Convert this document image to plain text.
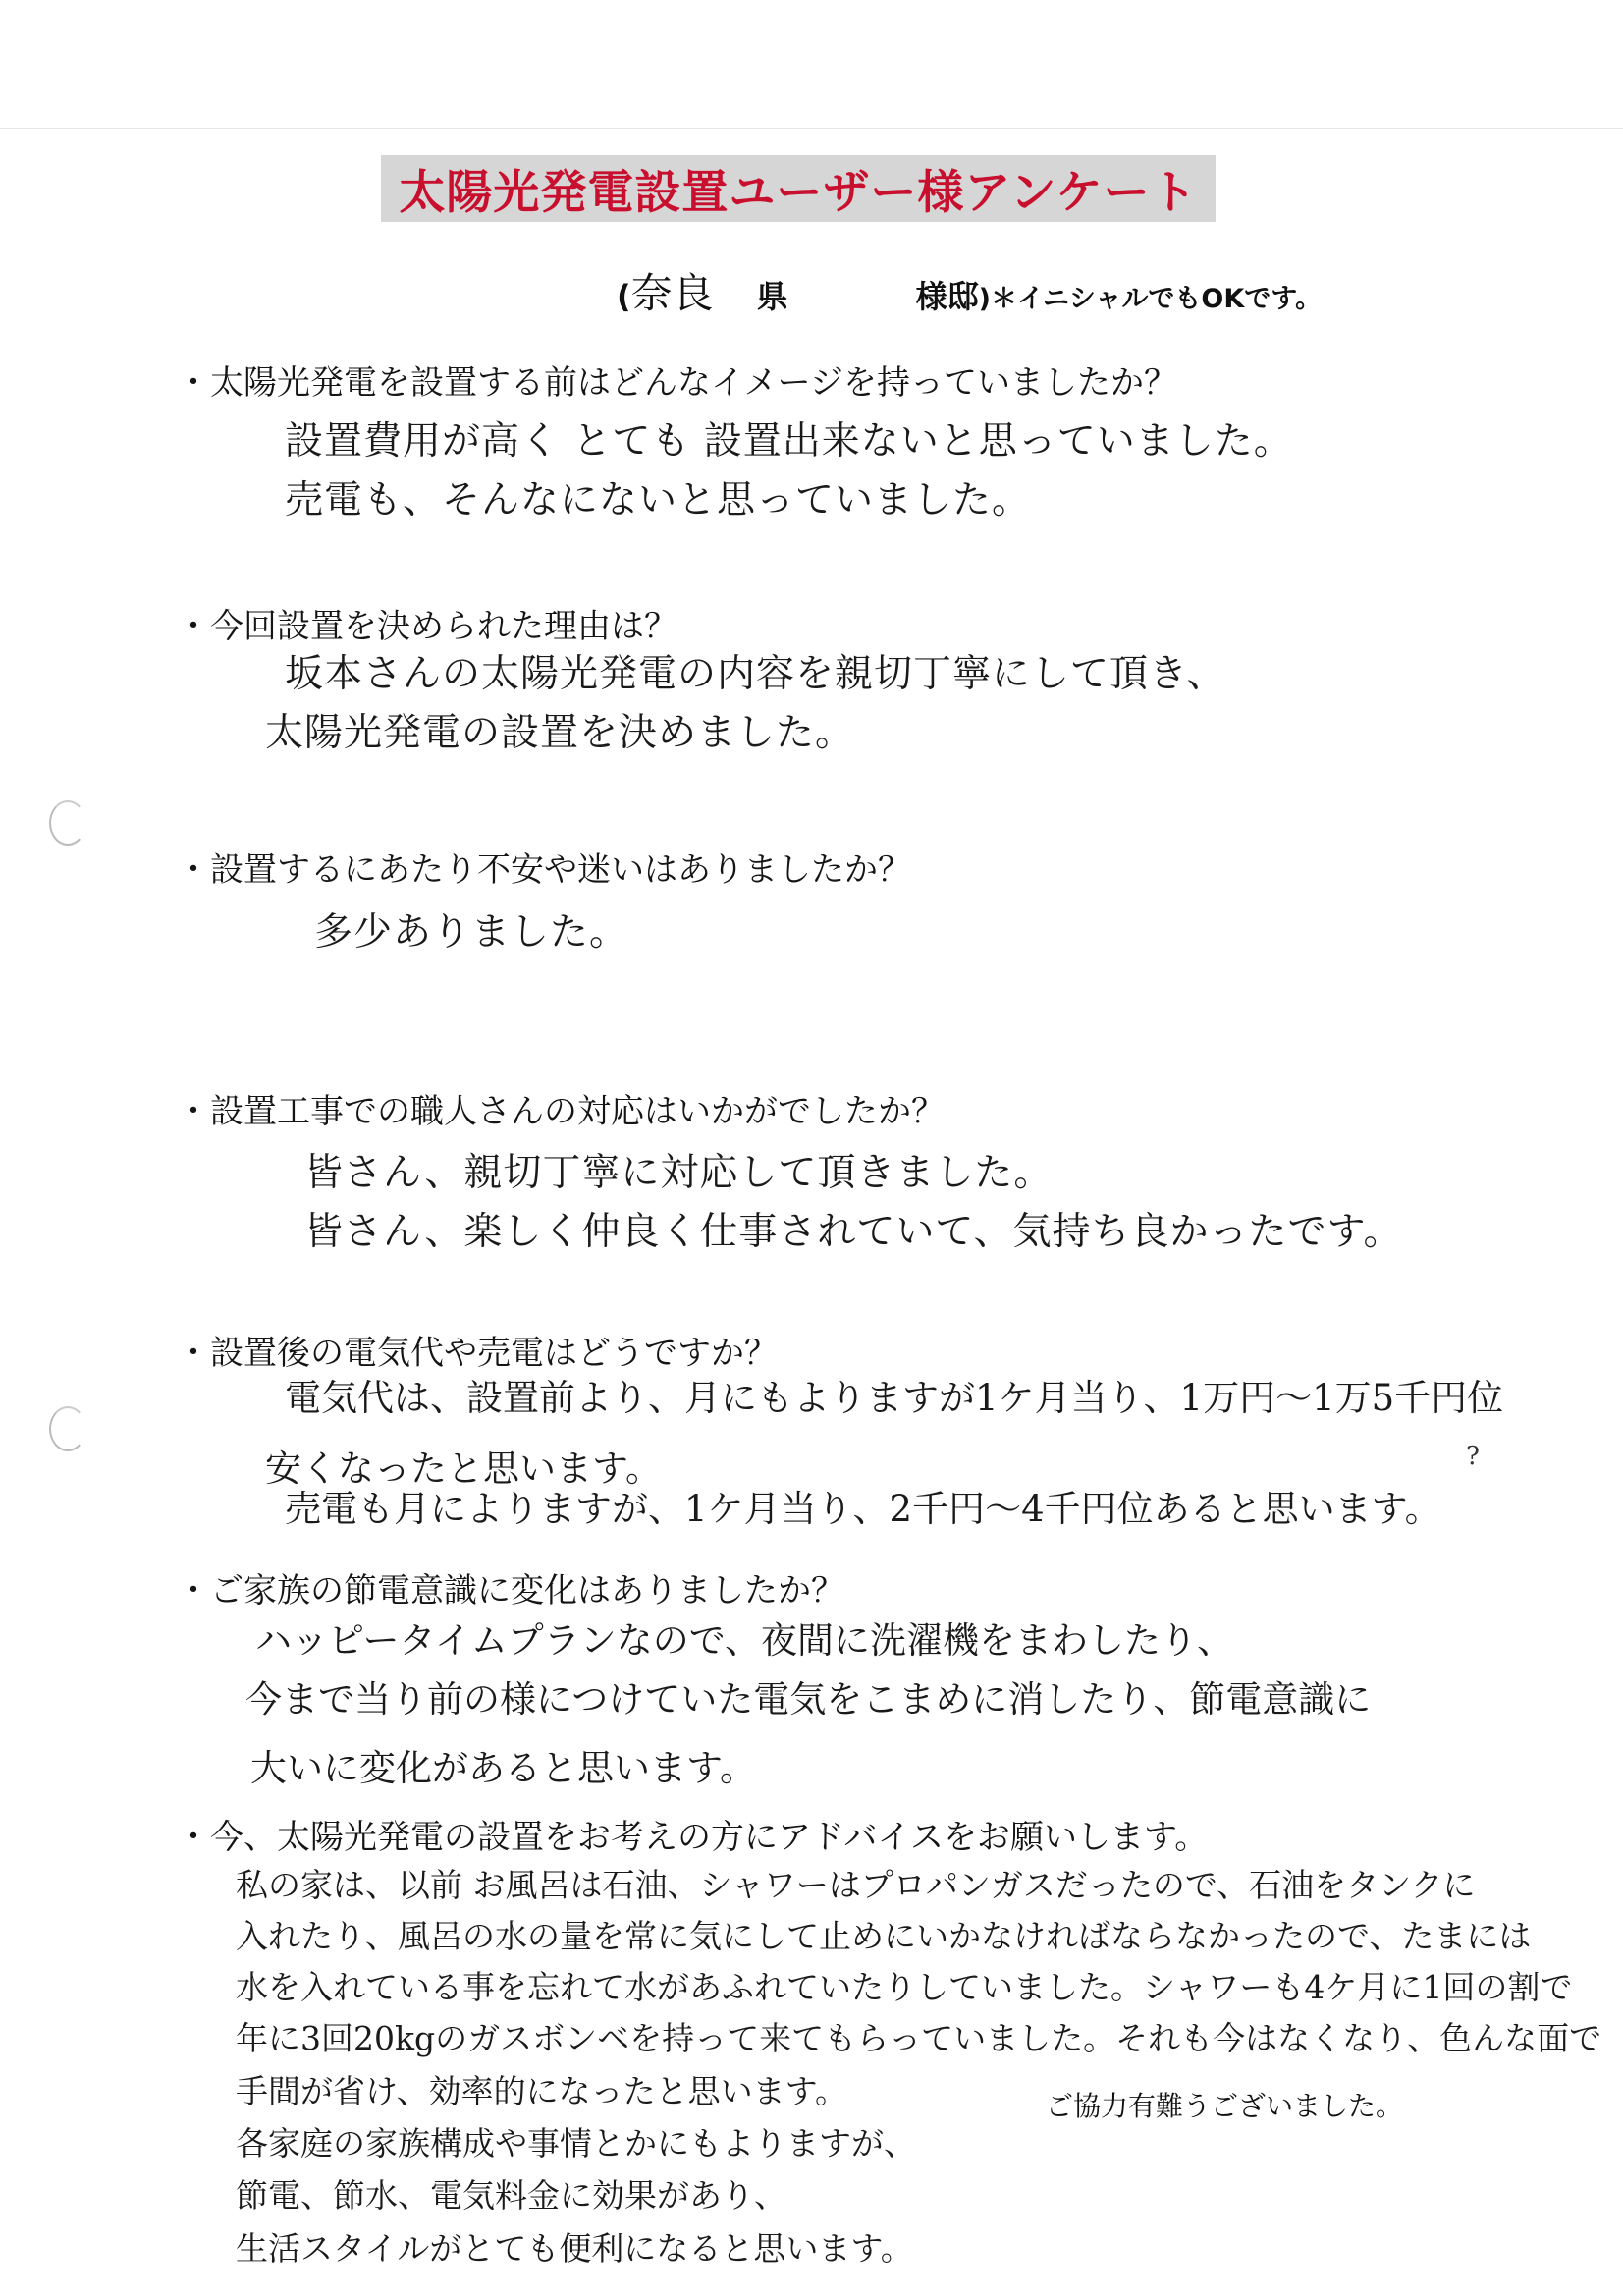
太陽光発電設置ユーザー様アンケート
( 奈良 県	様邸 )＊イニシャルでもOKです。
・太陽光発電を設置する前はどんなイメージを持っていましたか？
設置費用が高く とても 設置出来ないと思っていました。
売電も、そんなにないと思っていました。
・今回設置を決められた理由は？
坂本さんの太陽光発電の内容を親切丁寧にして頂き、
太陽光発電の設置を決めました。
・設置するにあたり不安や迷いはありましたか？
多少ありました。
・設置工事での職人さんの対応はいかがでしたか？
皆さん、親切丁寧に対応して頂きました。
皆さん、楽しく仲良く仕事されていて、気持ち良かったです。
・設置後の電気代や売電はどうですか？
電気代は、設置前より、月にもよりますが1ケ月当り、1万円〜1万5千円位
安くなったと思います。
売電も月によりますが、1ケ月当り、2千円〜4千円位あると思います。
?
・ご家族の節電意識に変化はありましたか？
ハッピータイムプランなので、夜間に洗濯機をまわしたり、
今まで当り前の様につけていた電気をこまめに消したり、節電意識に
大いに変化があると思います。
・今、太陽光発電の設置をお考えの方にアドバイスをお願いします。
私の家は、以前 お風呂は石油、シャワーはプロパンガスだったので、石油をタンクに
入れたり、風呂の水の量を常に気にして止めにいかなければならなかったので、たまには
水を入れている事を忘れて水があふれていたりしていました。シャワーも4ケ月に1回の割で
年に3回20kgのガスボンベを持って来てもらっていました。それも今はなくなり、色んな面で
手間が省け、効率的になったと思います。
各家庭の家族構成や事情とかにもよりますが、
節電、節水、電気料金に効果があり、
生活スタイルがとても便利になると思います。
ご協力有難うございました。
